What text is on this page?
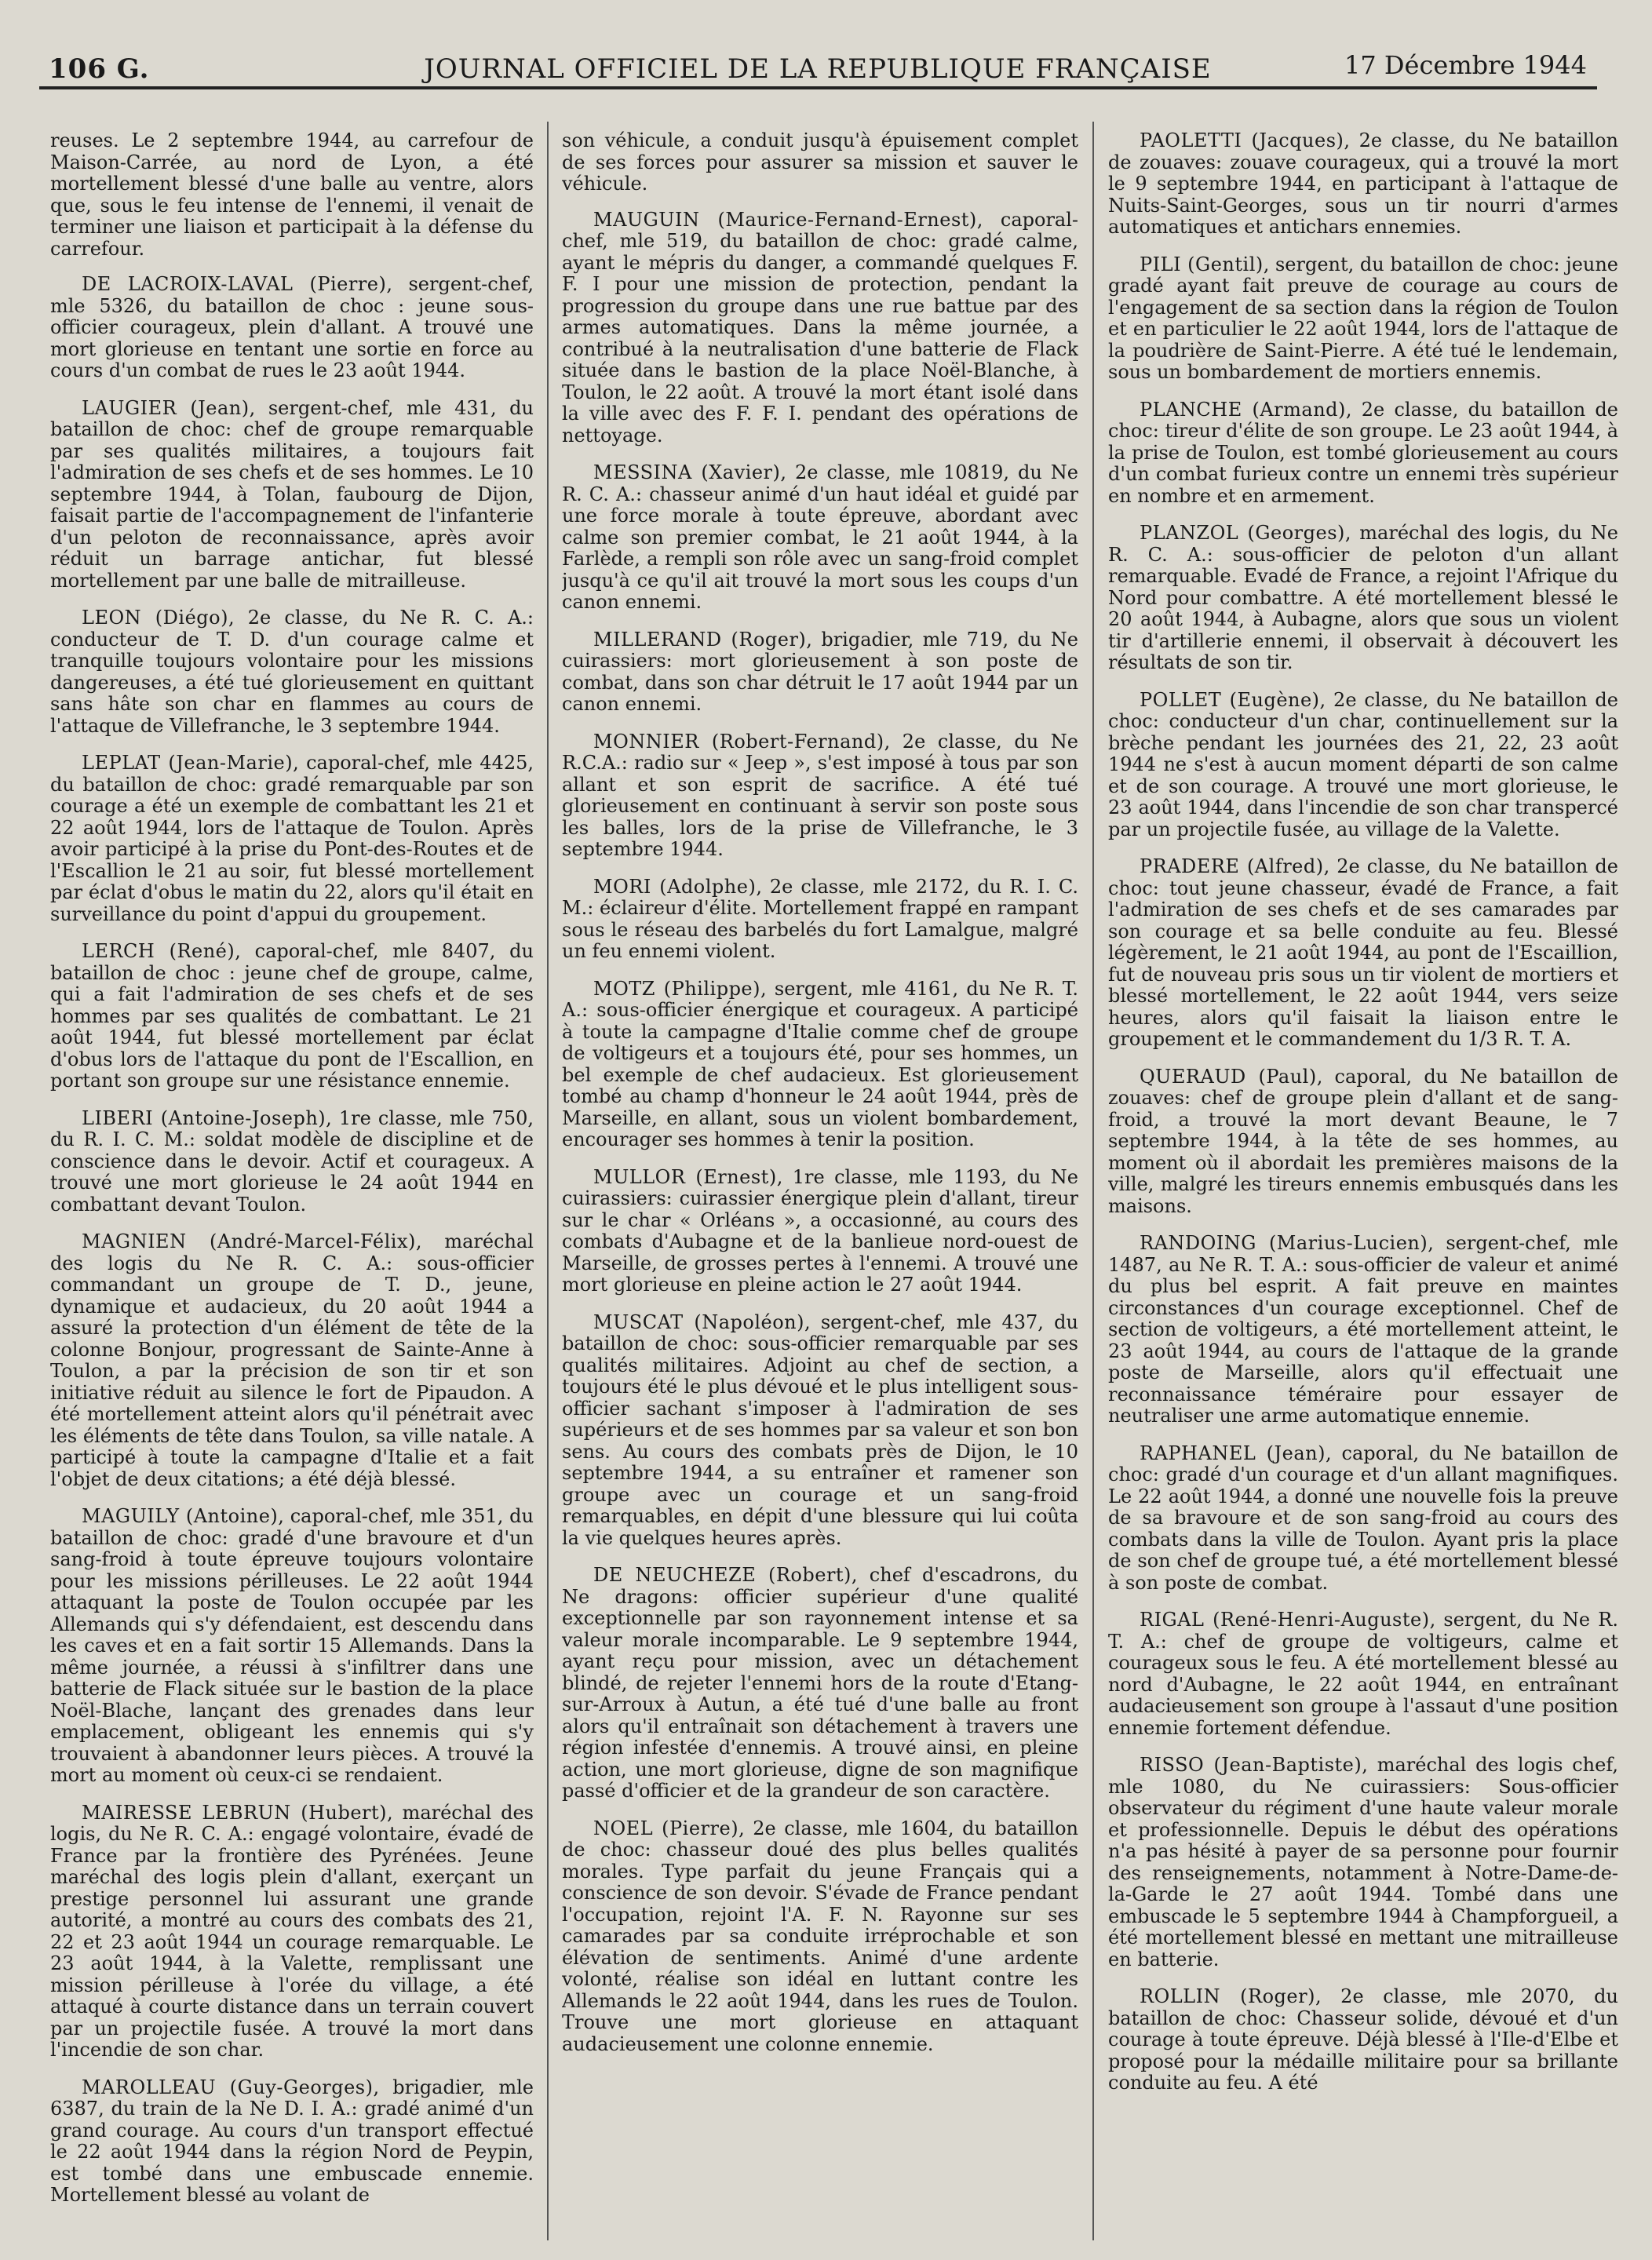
106 G.	JOURNAL OFFICIEL DE LA REPUBLIQUE FRANÇAISE	17 Décembre 1944

reuses. Le 2 septembre 1944, au carrefour de Maison-Carrée, au nord de Lyon, a été mortellement blessé d'une balle au ventre, alors que, sous le feu intense de l'ennemi, il venait de terminer une liaison et participait à la défense du carrefour.

DE LACROIX-LAVAL (Pierre), sergent-chef, mle 5326, du bataillon de choc : jeune sous-officier courageux, plein d'allant. A trouvé une mort glorieuse en tentant une sortie en force au cours d'un combat de rues le 23 août 1944.

LAUGIER (Jean), sergent-chef, mle 431, du bataillon de choc: chef de groupe remarquable par ses qualités militaires, a toujours fait l'admiration de ses chefs et de ses hommes. Le 10 septembre 1944, à Tolan, faubourg de Dijon, faisait partie de l'accompagnement de l'infanterie d'un peloton de reconnaissance, après avoir réduit un barrage antichar, fut blessé mortellement par une balle de mitrailleuse.

LEON (Diégo), 2e classe, du Ne R. C. A.: conducteur de T. D. d'un courage calme et tranquille toujours volontaire pour les missions dangereuses, a été tué glorieusement en quittant sans hâte son char en flammes au cours de l'attaque de Villefranche, le 3 septembre 1944.

LEPLAT (Jean-Marie), caporal-chef, mle 4425, du bataillon de choc: gradé remarquable par son courage a été un exemple de combattant les 21 et 22 août 1944, lors de l'attaque de Toulon. Après avoir participé à la prise du Pont-des-Routes et de l'Escallion le 21 au soir, fut blessé mortellement par éclat d'obus le matin du 22, alors qu'il était en surveillance du point d'appui du groupement.

LERCH (René), caporal-chef, mle 8407, du bataillon de choc : jeune chef de groupe, calme, qui a fait l'admiration de ses chefs et de ses hommes par ses qualités de combattant. Le 21 août 1944, fut blessé mortellement par éclat d'obus lors de l'attaque du pont de l'Escallion, en portant son groupe sur une résistance ennemie.

LIBERI (Antoine-Joseph), 1re classe, mle 750, du R. I. C. M.: soldat modèle de discipline et de conscience dans le devoir. Actif et courageux. A trouvé une mort glorieuse le 24 août 1944 en combattant devant Toulon.

MAGNIEN (André-Marcel-Félix), maréchal des logis du Ne R. C. A.: sous-officier commandant un groupe de T. D., jeune, dynamique et audacieux, du 20 août 1944 a assuré la protection d'un élément de tête de la colonne Bonjour, progressant de Sainte-Anne à Toulon, a par la précision de son tir et son initiative réduit au silence le fort de Pipaudon. A été mortellement atteint alors qu'il pénétrait avec les éléments de tête dans Toulon, sa ville natale. A participé à toute la campagne d'Italie et a fait l'objet de deux citations; a été déjà blessé.

MAGUILY (Antoine), caporal-chef, mle 351, du bataillon de choc: gradé d'une bravoure et d'un sang-froid à toute épreuve toujours volontaire pour les missions périlleuses. Le 22 août 1944 attaquant la poste de Toulon occupée par les Allemands qui s'y défendaient, est descendu dans les caves et en a fait sortir 15 Allemands. Dans la même journée, a réussi à s'infiltrer dans une batterie de Flack située sur le bastion de la place Noël-Blache, lançant des grenades dans leur emplacement, obligeant les ennemis qui s'y trouvaient à abandonner leurs pièces. A trouvé la mort au moment où ceux-ci se rendaient.

MAIRESSE LEBRUN (Hubert), maréchal des logis, du Ne R. C. A.: engagé volontaire, évadé de France par la frontière des Pyrénées. Jeune maréchal des logis plein d'allant, exerçant un prestige personnel lui assurant une grande autorité, a montré au cours des combats des 21, 22 et 23 août 1944 un courage remarquable. Le 23 août 1944, à la Valette, remplissant une mission périlleuse à l'orée du village, a été attaqué à courte distance dans un terrain couvert par un projectile fusée. A trouvé la mort dans l'incendie de son char.

MAROLLEAU (Guy-Georges), brigadier, mle 6387, du train de la Ne D. I. A.: gradé animé d'un grand courage. Au cours d'un transport effectué le 22 août 1944 dans la région Nord de Peypin, est tombé dans une embuscade ennemie. Mortellement blessé au volant de

son véhicule, a conduit jusqu'à épuisement complet de ses forces pour assurer sa mission et sauver le véhicule.

MAUGUIN (Maurice-Fernand-Ernest), caporal-chef, mle 519, du bataillon de choc: gradé calme, ayant le mépris du danger, a commandé quelques F. F. I pour une mission de protection, pendant la progression du groupe dans une rue battue par des armes automatiques. Dans la même journée, a contribué à la neutralisation d'une batterie de Flack située dans le bastion de la place Noël-Blanche, à Toulon, le 22 août. A trouvé la mort étant isolé dans la ville avec des F. F. I. pendant des opérations de nettoyage.

MESSINA (Xavier), 2e classe, mle 10819, du Ne R. C. A.: chasseur animé d'un haut idéal et guidé par une force morale à toute épreuve, abordant avec calme son premier combat, le 21 août 1944, à la Farlède, a rempli son rôle avec un sang-froid complet jusqu'à ce qu'il ait trouvé la mort sous les coups d'un canon ennemi.

MILLERAND (Roger), brigadier, mle 719, du Ne cuirassiers: mort glorieusement à son poste de combat, dans son char détruit le 17 août 1944 par un canon ennemi.

MONNIER (Robert-Fernand), 2e classe, du Ne R.C.A.: radio sur « Jeep », s'est imposé à tous par son allant et son esprit de sacrifice. A été tué glorieusement en continuant à servir son poste sous les balles, lors de la prise de Villefranche, le 3 septembre 1944.

MORI (Adolphe), 2e classe, mle 2172, du R. I. C. M.: éclaireur d'élite. Mortellement frappé en rampant sous le réseau des barbelés du fort Lamalgue, malgré un feu ennemi violent.

MOTZ (Philippe), sergent, mle 4161, du Ne R. T. A.: sous-officier énergique et courageux. A participé à toute la campagne d'Italie comme chef de groupe de voltigeurs et a toujours été, pour ses hommes, un bel exemple de chef audacieux. Est glorieusement tombé au champ d'honneur le 24 août 1944, près de Marseille, en allant, sous un violent bombardement, encourager ses hommes à tenir la position.

MULLOR (Ernest), 1re classe, mle 1193, du Ne cuirassiers: cuirassier énergique plein d'allant, tireur sur le char « Orléans », a occasionné, au cours des combats d'Aubagne et de la banlieue nord-ouest de Marseille, de grosses pertes à l'ennemi. A trouvé une mort glorieuse en pleine action le 27 août 1944.

MUSCAT (Napoléon), sergent-chef, mle 437, du bataillon de choc: sous-officier remarquable par ses qualités militaires. Adjoint au chef de section, a toujours été le plus dévoué et le plus intelligent sous-officier sachant s'imposer à l'admiration de ses supérieurs et de ses hommes par sa valeur et son bon sens. Au cours des combats près de Dijon, le 10 septembre 1944, a su entraîner et ramener son groupe avec un courage et un sang-froid remarquables, en dépit d'une blessure qui lui coûta la vie quelques heures après.

DE NEUCHEZE (Robert), chef d'escadrons, du Ne dragons: officier supérieur d'une qualité exceptionnelle par son rayonnement intense et sa valeur morale incomparable. Le 9 septembre 1944, ayant reçu pour mission, avec un détachement blindé, de rejeter l'ennemi hors de la route d'Etang-sur-Arroux à Autun, a été tué d'une balle au front alors qu'il entraînait son détachement à travers une région infestée d'ennemis. A trouvé ainsi, en pleine action, une mort glorieuse, digne de son magnifique passé d'officier et de la grandeur de son caractère.

NOEL (Pierre), 2e classe, mle 1604, du bataillon de choc: chasseur doué des plus belles qualités morales. Type parfait du jeune Français qui a conscience de son devoir. S'évade de France pendant l'occupation, rejoint l'A. F. N. Rayonne sur ses camarades par sa conduite irréprochable et son élévation de sentiments. Animé d'une ardente volonté, réalise son idéal en luttant contre les Allemands le 22 août 1944, dans les rues de Toulon. Trouve une mort glorieuse en attaquant audacieusement une colonne ennemie.

PAOLETTI (Jacques), 2e classe, du Ne bataillon de zouaves: zouave courageux, qui a trouvé la mort le 9 septembre 1944, en participant à l'attaque de Nuits-Saint-Georges, sous un tir nourri d'armes automatiques et antichars ennemies.

PILI (Gentil), sergent, du bataillon de choc: jeune gradé ayant fait preuve de courage au cours de l'engagement de sa section dans la région de Toulon et en particulier le 22 août 1944, lors de l'attaque de la poudrière de Saint-Pierre. A été tué le lendemain, sous un bombardement de mortiers ennemis.

PLANCHE (Armand), 2e classe, du bataillon de choc: tireur d'élite de son groupe. Le 23 août 1944, à la prise de Toulon, est tombé glorieusement au cours d'un combat furieux contre un ennemi très supérieur en nombre et en armement.

PLANZOL (Georges), maréchal des logis, du Ne R. C. A.: sous-officier de peloton d'un allant remarquable. Evadé de France, a rejoint l'Afrique du Nord pour combattre. A été mortellement blessé le 20 août 1944, à Aubagne, alors que sous un violent tir d'artillerie ennemi, il observait à découvert les résultats de son tir.

POLLET (Eugène), 2e classe, du Ne bataillon de choc: conducteur d'un char, continuellement sur la brèche pendant les journées des 21, 22, 23 août 1944 ne s'est à aucun moment départi de son calme et de son courage. A trouvé une mort glorieuse, le 23 août 1944, dans l'incendie de son char transpercé par un projectile fusée, au village de la Valette.

PRADERE (Alfred), 2e classe, du Ne bataillon de choc: tout jeune chasseur, évadé de France, a fait l'admiration de ses chefs et de ses camarades par son courage et sa belle conduite au feu. Blessé légèrement, le 21 août 1944, au pont de l'Escaillion, fut de nouveau pris sous un tir violent de mortiers et blessé mortellement, le 22 août 1944, vers seize heures, alors qu'il faisait la liaison entre le groupement et le commandement du 1/3 R. T. A.

QUERAUD (Paul), caporal, du Ne bataillon de zouaves: chef de groupe plein d'allant et de sang-froid, a trouvé la mort devant Beaune, le 7 septembre 1944, à la tête de ses hommes, au moment où il abordait les premières maisons de la ville, malgré les tireurs ennemis embusqués dans les maisons.

RANDOING (Marius-Lucien), sergent-chef, mle 1487, au Ne R. T. A.: sous-officier de valeur et animé du plus bel esprit. A fait preuve en maintes circonstances d'un courage exceptionnel. Chef de section de voltigeurs, a été mortellement atteint, le 23 août 1944, au cours de l'attaque de la grande poste de Marseille, alors qu'il effectuait une reconnaissance téméraire pour essayer de neutraliser une arme automatique ennemie.

RAPHANEL (Jean), caporal, du Ne bataillon de choc: gradé d'un courage et d'un allant magnifiques. Le 22 août 1944, a donné une nouvelle fois la preuve de sa bravoure et de son sang-froid au cours des combats dans la ville de Toulon. Ayant pris la place de son chef de groupe tué, a été mortellement blessé à son poste de combat.

RIGAL (René-Henri-Auguste), sergent, du Ne R. T. A.: chef de groupe de voltigeurs, calme et courageux sous le feu. A été mortellement blessé au nord d'Aubagne, le 22 août 1944, en entraînant audacieusement son groupe à l'assaut d'une position ennemie fortement défendue.

RISSO (Jean-Baptiste), maréchal des logis chef, mle 1080, du Ne cuirassiers: Sous-officier observateur du régiment d'une haute valeur morale et professionnelle. Depuis le début des opérations n'a pas hésité à payer de sa personne pour fournir des renseignements, notamment à Notre-Dame-de-la-Garde le 27 août 1944. Tombé dans une embuscade le 5 septembre 1944 à Champforgueil, a été mortellement blessé en mettant une mitrailleuse en batterie.

ROLLIN (Roger), 2e classe, mle 2070, du bataillon de choc: Chasseur solide, dévoué et d'un courage à toute épreuve. Déjà blessé à l'Ile-d'Elbe et proposé pour la médaille militaire pour sa brillante conduite au feu. A été
